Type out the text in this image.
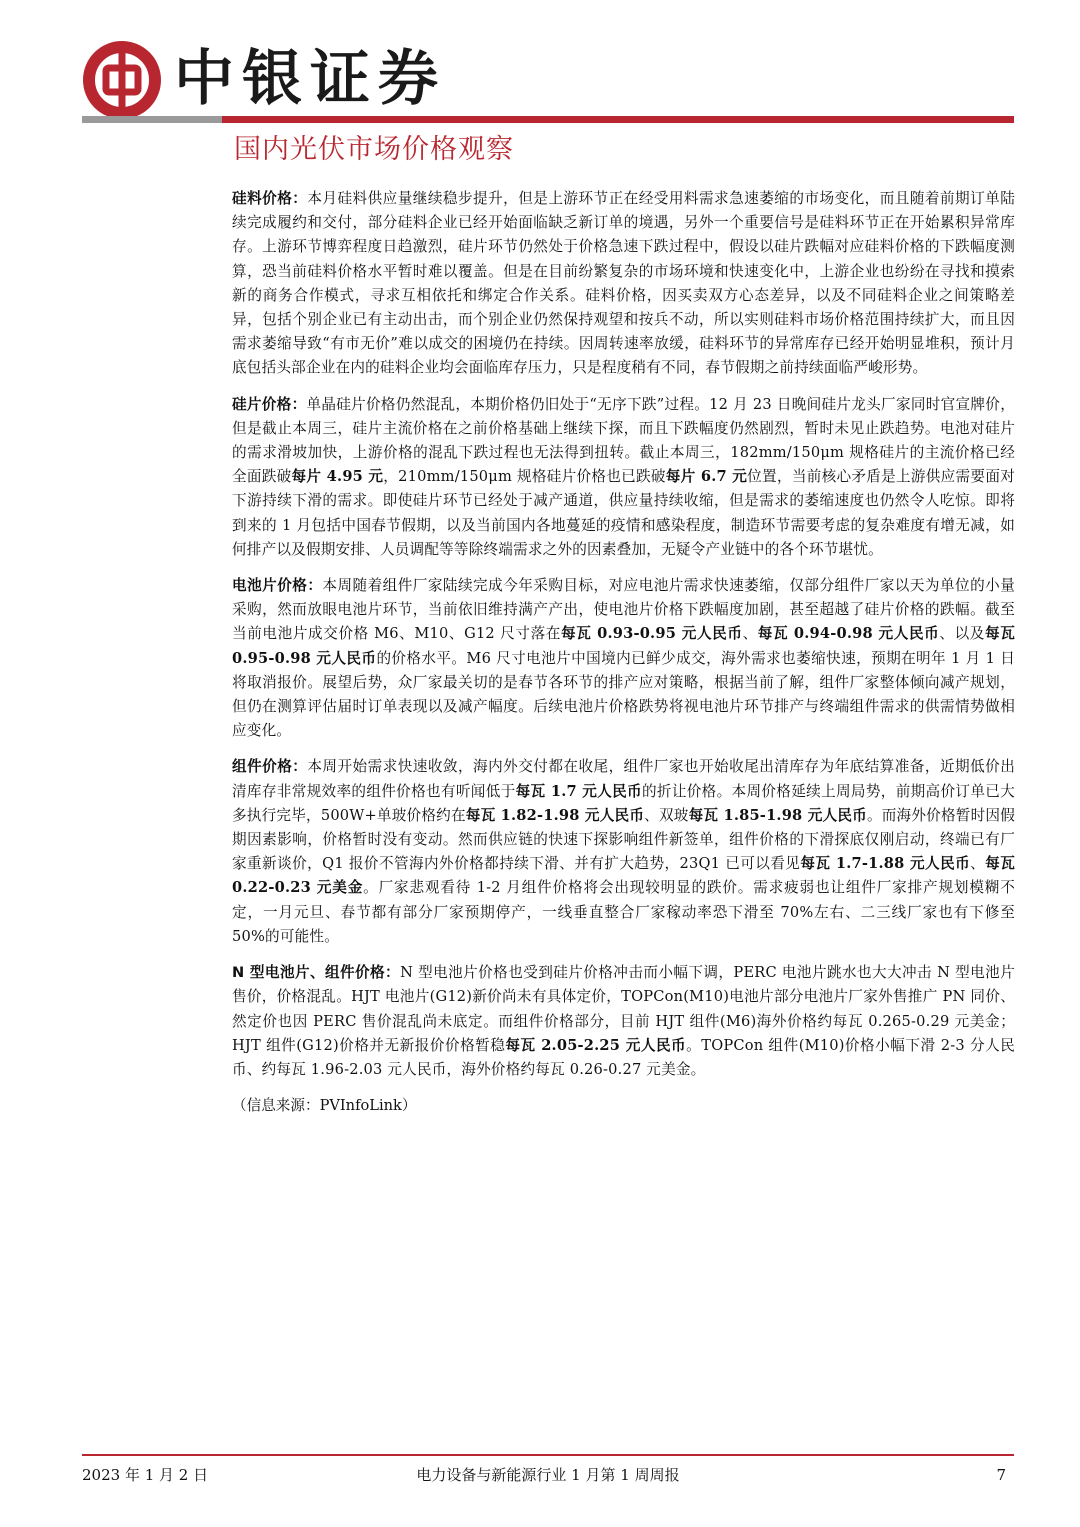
中银证券
国内光伏市场价格观察

硅料价格：本月硅料供应量继续稳步提升，但是上游环节正在经受用料需求急速萎缩的市场变化，而且随着前期订单陆续完成履约和交付，部分硅料企业已经开始面临缺乏新订单的境遇，另外一个重要信号是硅料环节正在开始累积异常库存。上游环节博弈程度日趋激烈，硅片环节仍然处于价格急速下跌过程中，假设以硅片跌幅对应硅料价格的下跌幅度测算，恐当前硅料价格水平暂时难以覆盖。但是在目前纷繁复杂的市场环境和快速变化中，上游企业也纷纷在寻找和摸索新的商务合作模式，寻求互相依托和绑定合作关系。硅料价格，因买卖双方心态差异，以及不同硅料企业之间策略差异，包括个别企业已有主动出击，而个别企业仍然保持观望和按兵不动，所以实则硅料市场价格范围持续扩大，而且因需求萎缩导致“有市无价”难以成交的困境仍在持续。因周转速率放缓，硅料环节的异常库存已经开始明显堆积，预计月底包括头部企业在内的硅料企业均会面临库存压力，只是程度稍有不同，春节假期之前持续面临严峻形势。

硅片价格：单晶硅片价格仍然混乱，本期价格仍旧处于“无序下跌”过程。12 月 23 日晚间硅片龙头厂家同时官宣牌价，但是截止本周三，硅片主流价格在之前价格基础上继续下探，而且下跌幅度仍然剧烈，暂时未见止跌趋势。电池对硅片的需求滑坡加快，上游价格的混乱下跌过程也无法得到扭转。截止本周三，182mm/150μm 规格硅片的主流价格已经全面跌破每片 4.95 元，210mm/150μm 规格硅片价格也已跌破每片 6.7 元位置，当前核心矛盾是上游供应需要面对下游持续下滑的需求。即使硅片环节已经处于减产通道，供应量持续收缩，但是需求的萎缩速度也仍然令人吃惊。即将到来的 1 月包括中国春节假期，以及当前国内各地蔓延的疫情和感染程度，制造环节需要考虑的复杂难度有增无减，如何排产以及假期安排、人员调配等等除终端需求之外的因素叠加，无疑令产业链中的各个环节堪忧。

电池片价格：本周随着组件厂家陆续完成今年采购目标，对应电池片需求快速萎缩，仅部分组件厂家以天为单位的小量采购，然而放眼电池片环节，当前依旧维持满产产出，使电池片价格下跌幅度加剧，甚至超越了硅片价格的跌幅。截至当前电池片成交价格 M6、M10、G12 尺寸落在每瓦 0.93-0.95 元人民币、每瓦 0.94-0.98 元人民币、以及每瓦 0.95-0.98 元人民币的价格水平。M6 尺寸电池片中国境内已鲜少成交，海外需求也萎缩快速，预期在明年 1 月 1 日将取消报价。展望后势，众厂家最关切的是春节各环节的排产应对策略，根据当前了解，组件厂家整体倾向减产规划，但仍在测算评估届时订单表现以及减产幅度。后续电池片价格跌势将视电池片环节排产与终端组件需求的供需情势做相应变化。

组件价格：本周开始需求快速收敛，海内外交付都在收尾，组件厂家也开始收尾出清库存为年底结算准备，近期低价出清库存非常规效率的组件价格也有听闻低于每瓦 1.7 元人民币的折让价格。本周价格延续上周局势，前期高价订单已大多执行完毕，500W+单玻价格约在每瓦 1.82-1.98 元人民币、双玻每瓦 1.85-1.98 元人民币。而海外价格暂时因假期因素影响，价格暂时没有变动。然而供应链的快速下探影响组件新签单，组件价格的下滑探底仅刚启动，终端已有厂家重新谈价，Q1 报价不管海内外价格都持续下滑、并有扩大趋势，23Q1 已可以看见每瓦 1.7-1.88 元人民币、每瓦 0.22-0.23 元美金。厂家悲观看待 1-2 月组件价格将会出现较明显的跌价。需求疲弱也让组件厂家排产规划模糊不定，一月元旦、春节都有部分厂家预期停产，一线垂直整合厂家稼动率恐下滑至 70%左右、二三线厂家也有下修至 50%的可能性。

N 型电池片、组件价格：N 型电池片价格也受到硅片价格冲击而小幅下调，PERC 电池片跳水也大大冲击 N 型电池片售价，价格混乱。HJT 电池片(G12)新价尚未有具体定价，TOPCon(M10)电池片部分电池片厂家外售推广 PN 同价、然定价也因 PERC 售价混乱尚未底定。而组件价格部分，目前 HJT 组件(M6)海外价格约每瓦 0.265-0.29 元美金；HJT 组件(G12)价格并无新报价价格暂稳每瓦 2.05-2.25 元人民币。TOPCon 组件(M10)价格小幅下滑 2-3 分人民币、约每瓦 1.96-2.03 元人民币，海外价格约每瓦 0.26-0.27 元美金。

（信息来源：PVInfoLink）
2023 年 1 月 2 日	电力设备与新能源行业 1 月第 1 周周报	7
